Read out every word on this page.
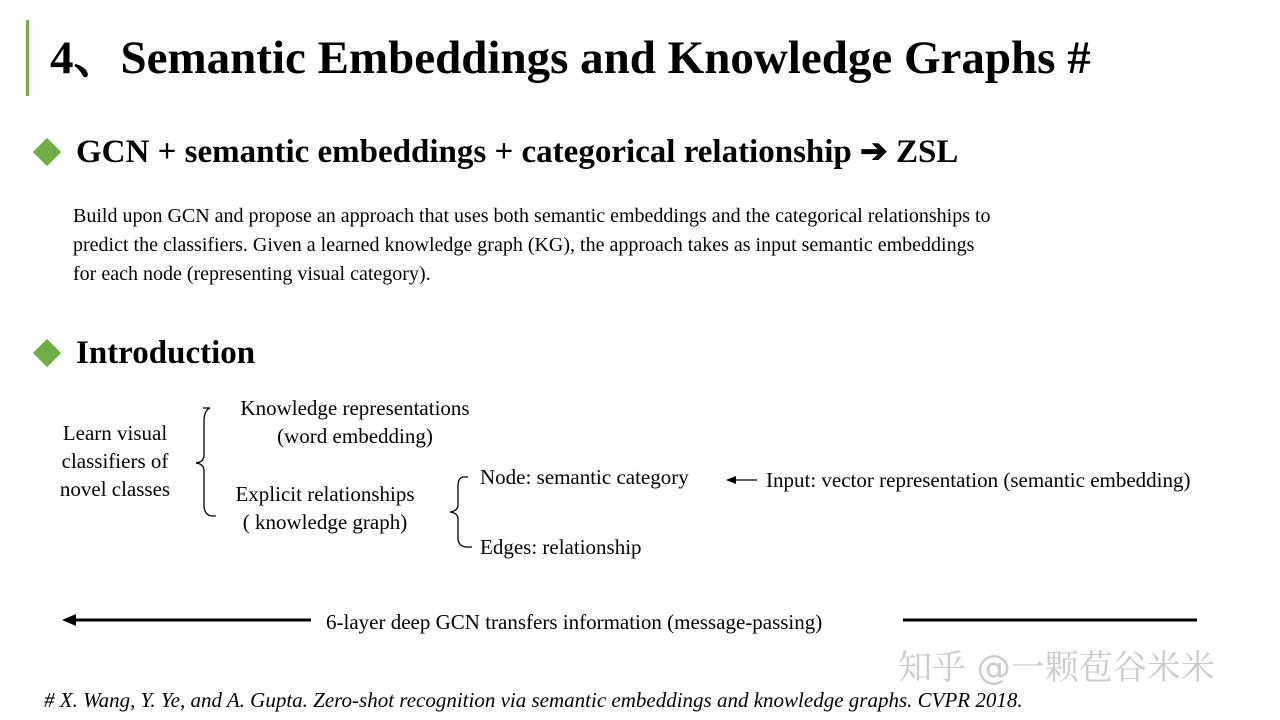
4、Semantic Embeddings and Knowledge Graphs #
GCN + semantic embeddings + categorical relationship ➔ ZSL
Build upon GCN and propose an approach that uses both semantic embeddings and the categorical relationships to
predict the classifiers. Given a learned knowledge graph (KG), the approach takes as input semantic embeddings
for each node (representing visual category).
Introduction
Learn visual
classifiers of
novel classes
Knowledge representations
(word embedding)
Explicit relationships
( knowledge graph)
Node: semantic category
Edges: relationship
Input: vector representation (semantic embedding)
6-layer deep GCN transfers information (message-passing)
知乎 @一颗苞谷米米
# X. Wang, Y. Ye, and A. Gupta. Zero-shot recognition via semantic embeddings and knowledge graphs. CVPR 2018.
